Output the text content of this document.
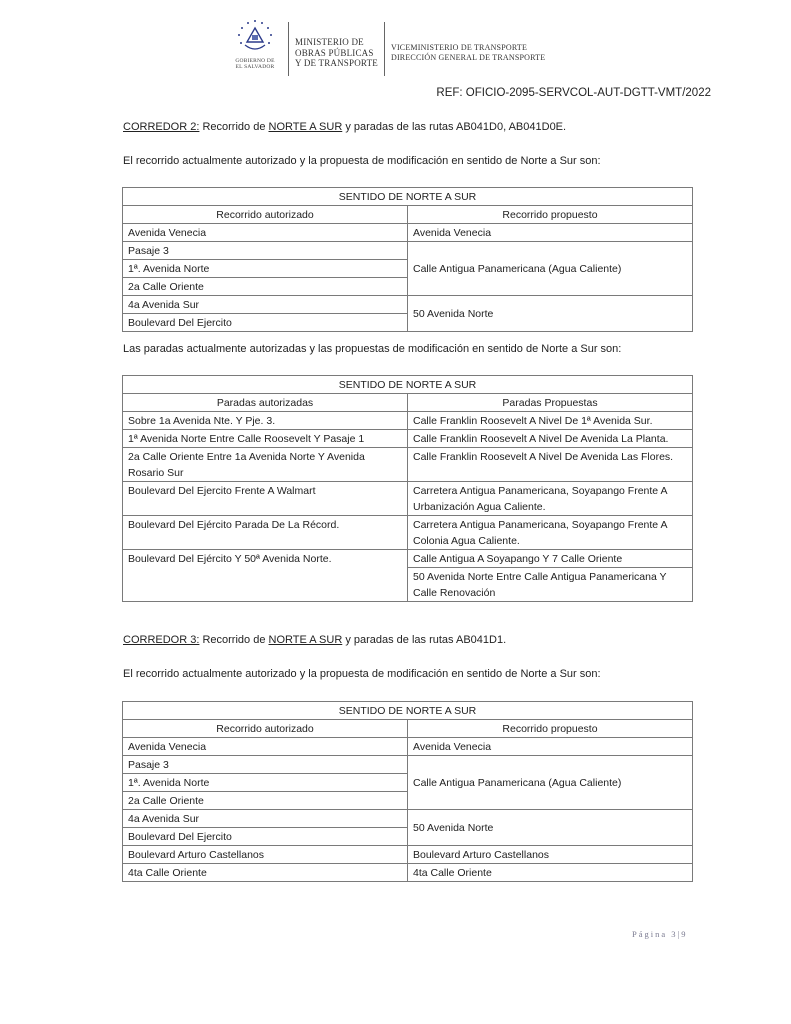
GOBIERNO DE
EL SALVADOR
MINISTERIO DE
OBRAS PÚBLICAS
Y DE TRANSPORTE
VICEMINISTERIO DE TRANSPORTE
DIRECCIÓN GENERAL DE TRANSPORTE
REF: OFICIO-2095-SERVCOL-AUT-DGTT-VMT/2022
CORREDOR 2: Recorrido de NORTE A SUR y paradas de las rutas AB041D0, AB041D0E.
El recorrido actualmente autorizado y la propuesta de modificación en sentido de Norte a Sur son:
SENTIDO DE NORTE A SUR	
Recorrido autorizado	Recorrido propuesto
Avenida Venecia	Avenida Venecia
Pasaje 3	Calle Antigua Panamericana (Agua Caliente)
1ª. Avenida Norte	
2a Calle Oriente	
4a Avenida Sur	50 Avenida Norte
Boulevard Del Ejercito	
Las paradas actualmente autorizadas y las propuestas de modificación en sentido de Norte a Sur son:
SENTIDO DE NORTE A SUR	
Paradas autorizadas	Paradas Propuestas
Sobre 1a Avenida Nte. Y Pje. 3.	Calle Franklin Roosevelt A Nivel De 1ª Avenida Sur.
1ª Avenida Norte Entre Calle Roosevelt Y Pasaje 1	Calle Franklin Roosevelt A Nivel De Avenida La Planta.
2a Calle Oriente Entre 1a Avenida Norte Y Avenida Rosario Sur	Calle Franklin Roosevelt A Nivel De Avenida Las Flores.
Boulevard Del Ejercito Frente A Walmart	Carretera Antigua Panamericana, Soyapango Frente A Urbanización Agua Caliente.
Boulevard Del Ejército Parada De La Récord.	Carretera Antigua Panamericana, Soyapango Frente A Colonia Agua Caliente.
Boulevard Del Ejército Y 50ª Avenida Norte.	Calle Antigua A Soyapango Y 7 Calle Oriente
	50 Avenida Norte Entre Calle Antigua Panamericana Y Calle Renovación
CORREDOR 3: Recorrido de NORTE A SUR y paradas de las rutas AB041D1.
El recorrido actualmente autorizado y la propuesta de modificación en sentido de Norte a Sur son:
SENTIDO DE NORTE A SUR	
Recorrido autorizado	Recorrido propuesto
Avenida Venecia	Avenida Venecia
Pasaje 3	Calle Antigua Panamericana (Agua Caliente)
1ª. Avenida Norte	
2a Calle Oriente	
4a Avenida Sur	50 Avenida Norte
Boulevard Del Ejercito	
Boulevard Arturo Castellanos	Boulevard Arturo Castellanos
4ta Calle Oriente	4ta Calle Oriente
Página 3|9
